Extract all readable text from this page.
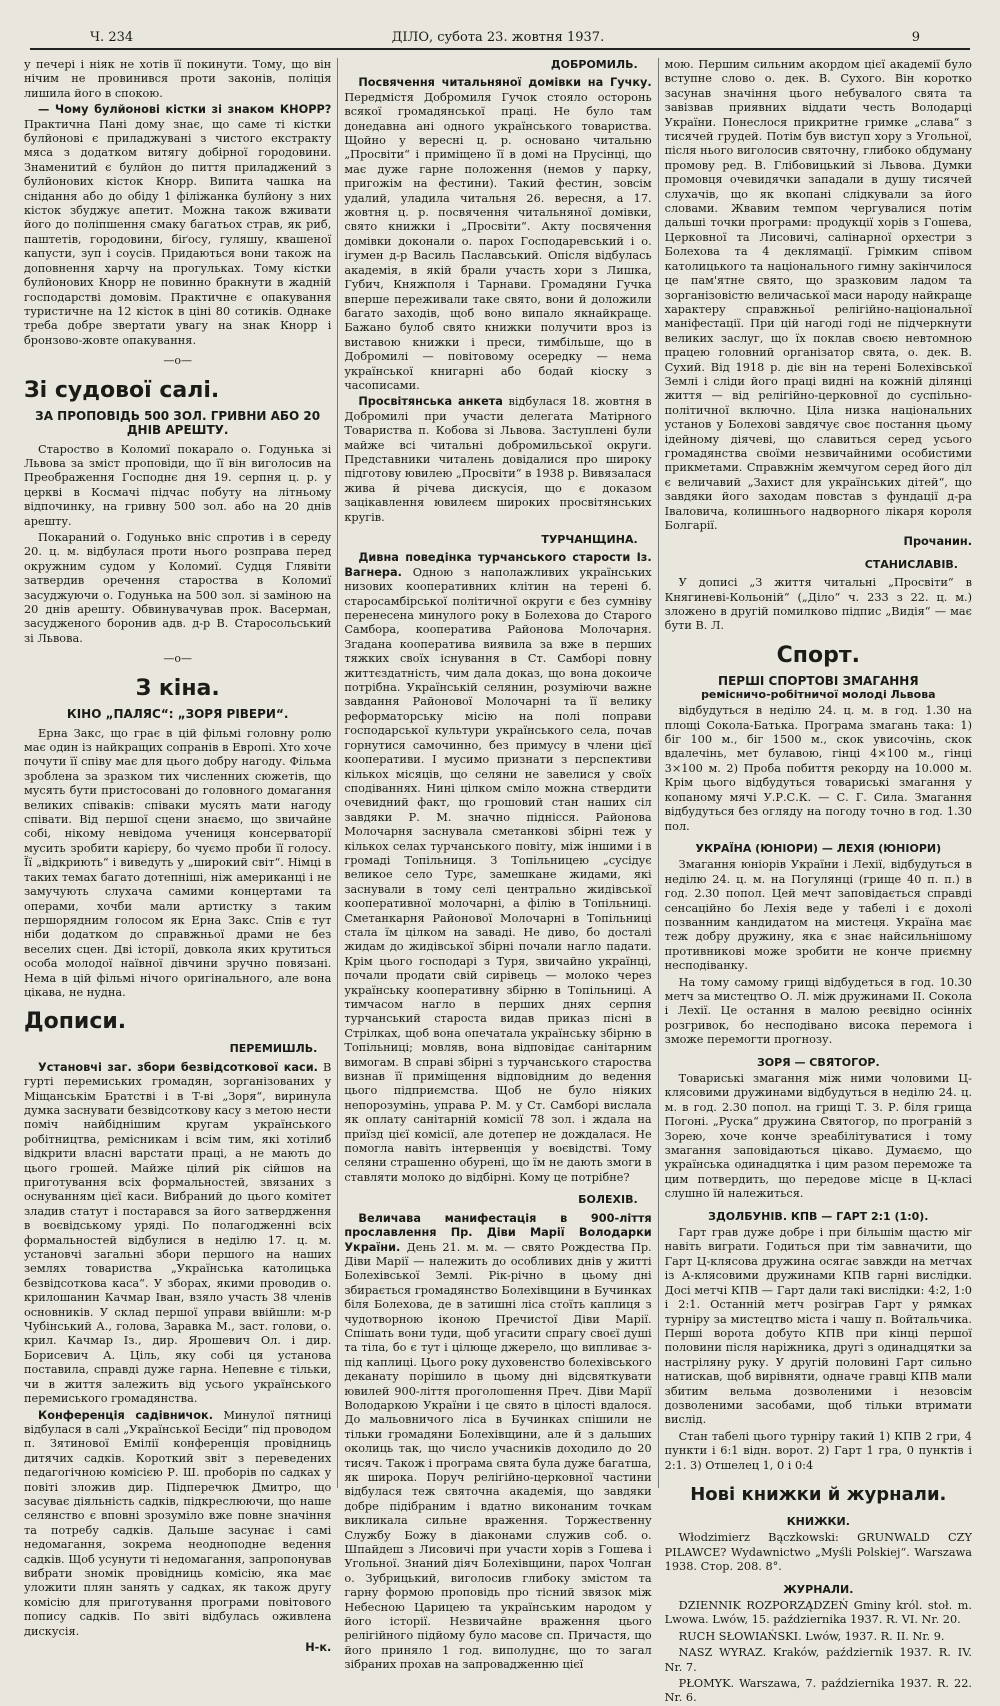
Ч. 234	ДІЛО, субота 23. жовтня 1937.	9

у печері і ніяк не хотів її покинути. Тому, що він нічим не провинився проти законів, поліція лишила його в спокою.

— Чому булйонові кістки зі знаком КНОРР? Практична Пані дому знає, що саме ті кістки булйонові є приладжувані з чистого екстракту мяса з додатком витягу добірної городовини. Знаменитий є булйон до пиття приладжений з булйонових кісток Кнорр. Випита чашка на снідання або до обіду 1 філіжанка булйону з них кісток збуджує апетит. Можна також вживати його до поліпшення смаку багатьох страв, як риб, паштетів, городовини, біґосу, гуляшу, квашеної капусти, зуп і соусів. Придаються вони також на доповнення харчу на прогульках. Тому кістки булйонових Кнорр не повинно бракнути в жадній господарстві домовім. Практичне є опакування туристичне на 12 кісток в ціні 80 сотиків. Однаке треба добре звертати увагу на знак Кнорр і бронзово-жовте опакування.

—о—
Зі судової салі.
ЗА ПРОПОВІДЬ 500 ЗОЛ. ГРИВНИ АБО 20 ДНІВ АРЕШТУ.

Староство в Коломиї покарало о. Годунька зі Львова за зміст проповіди, що її він виголосив на Преображення Господнє дня 19. серпня ц. р. у церкві в Космачі підчас побуту на літньому відпочинку, на гривну 500 зол. або на 20 днів арешту.

Покараний о. Годунько вніс спротив і в середу 20. ц. м. відбулася проти нього розправа перед окружним судом у Коломиї. Судця Глявіти затвердив оречення староства в Коломиї засуджуючи о. Годунька на 500 зол. зі заміною на 20 днів арешту. Обвинувачував прок. Васерман, засудженого боронив адв. д-р В. Старосольський зі Львова.

—о—
З кіна.
КІНО „ПАЛЯС“: „ЗОРЯ РІВЕРИ“.

Ерна Закс, що грає в цій фільмі головну ролю має один із найкращих сопранів в Европі. Хто хоче почути її співу має для цього добру нагоду. Фільма зроблена за зразком тих численних сюжетів, що мусять бути пристосовані до головного домагання великих співаків: співаки мусять мати нагоду співати. Від першої сцени знаємо, що звичайне собі, нікому невідома учениця консерваторії мусить зробити карієру, бо чуємо проби її голосу. Її „відкриють“ і виведуть у „широкий світ“. Німці в таких темах багато дотепніші, ніж американці і не замучують слухача самими концертами та операми, хочби мали артистку з таким першорядним голосом як Ерна Закс. Спів є тут ніби додатком до справжньої драми не без веселих сцен. Дві історії, довкола яких крутиться особа молодої наївної дівчини зручно повязані. Нема в цій фільмі нічого оригінального, але вона цікава, не нудна.

Дописи.
ПЕРЕМИШЛЬ.

Установчі заг. збори безвідсоткової каси. В гурті перемиських громадян, зорганізованих у Міщанськім Братстві і в Т-ві „Зоря“, виринула думка заснувати безвідсоткову касу з метою нести поміч найбіднішим кругам українського робітництва, ремісникам і всім тим, які хотілиб відкрити власні варстати праці, а не мають до цього грошей. Майже цілий рік сійшов на приготування всіх формальностей, звязаних з оснуванням цієї каси. Вибраний до цього комітет зладив статут і постарався за його затвердження в воєвідському уряді. По полагодженні всіх формальностей відбулися в неділю 17. ц. м. установчі загальні збори першого на наших землях товариства „Українська католицька безвідсоткова каса“. У зборах, якими проводив о. крилошанин Качмар Іван, взяло участь 38 членів основників. У склад першої управи ввійшли: м-р Чубінський А., голова, Заравка М., заст. голови, о. крил. Качмар Із., дир. Ярошевич Ол. і дир. Борисевич А. Ціль, яку собі ця установа поставила, справді дуже гарна. Непевне є тільки, чи в життя залежить від усього українського перемиського громадянства.

Конференція садівничок. Минулої пятниці відбулася в салі „Української Бесіди“ під проводом п. Зятинової Емілії конференція провідниць дитячих садків. Короткий звіт з переведених педагогічною комісією Р. Ш. проборів по садках у повіті зложив дир. Підперечюк Дмитро, що засуває діяльність садків, підкреслюючи, що наше селянство є вповні зрозуміло вже повне значіння та потребу садків. Дальше засунає і самі недомагання, зокрема неодноподне ведення садків. Щоб усунути ті недомагання, запропонував вибрати зномік провідниць комісію, яка має уложити плян занять у садках, як також другу комісію для приготування програми повітового попису садків. По звіті відбулась оживлена дискусія.

Н-к.
ДОБРОМИЛЬ.

Посвячення читальняної домівки на Гучку. Передмістя Добромиля Гучок стояло осторонь всякої громадянської праці. Не було там донедавна ані одного українського товариства. Щойно у вересні ц. р. основано читальню „Просвіти“ і приміщено її в домі на Прусінці, що має дуже гарне положення (немов у парку, пригожім на фестини). Такий фестин, зовсім удалий, уладила читальня 26. вересня, а 17. жовтня ц. р. посвячення читальняної домівки, свято книжки і „Просвіти“. Акту посвячення домівки доконали о. парох Господаревський і о. ігумен д-р Василь Паславський. Опісля відбулась академія, в якій брали участь хори з Лишка, Губич, Княжполя і Тарнави. Громадяни Гучка вперше переживали таке свято, вони й доложили багато заходів, щоб воно випало якнайкраще. Бажано булоб свято книжки получити вроз із виставою книжки і преси, тимбільше, що в Добромилі — повітовому осередку — нема української книгарні або бодай кіоску з часописами.

Просвітянська анкета відбулася 18. жовтня в Добромилі при участи делегата Матірного Товариства п. Кобова зі Львова. Заступлені були майже всі читальні добромильської округи. Представники читалень довідалися про широку підготову ювилею „Просвіти“ в 1938 р. Вивязалася жива й річева дискусія, що є доказом зацікавлення ювилеєм широких просвітянських кругів.

ТУРЧАНЩИНА.

Дивна поведінка турчанського старости Із. Вагнера. Одною з наполажливих українських низових кооперативних клітин на терені б. старосамбірської політичної округи є без сумніву перенесена минулого року в Болехова до Старого Самбора, кооператива Районова Молочарня. Згадана кооператива виявила за вже в перших тяжких своїх існування в Ст. Самборі повну життєздатність, чим дала доказ, що вона докоиче потрібна. Українській селянин, розуміючи важне завдання Районової Молочарні та її велику реформаторську місію на полі поправи господарської культури українського села, почав горнутися самочинно, без примусу в члени цієї кооперативи. І мусимо признати з перспективи кількох місяців, що селяни не завелися у своїх сподіваннях. Нині цілком сміло можна ствердити очевидний факт, що грошовий стан наших сіл завдяки Р. М. значно піднісся. Районова Молочарня заснувала сметанкові збірні теж у кількох селах турчанського повіту, між іншими і в громаді Топільниця. З Топільницею „сусідує великое село Турє, замешкане жидами, які заснували в тому селі центрально жидівської кооперативної молочарні, а філію в Топільниці. Сметанкарня Районової Молочарні в Топільниці стала їм цілком на заваді. Не диво, бо досталі жидам до жидівської збірні почали наглo падати. Крім цього господарі з Туря, звичайно українці, почали продати свій сирівець — молоко через українську кооперативну збірню в Топільниці. А тимчасом нагло в перших днях серпня турчанський староста видав приказ пісні в Стрілках, щоб вона опечатала українську збірню в Топільниці; мовляв, вона відповідає санітарним вимогам. В справі збірні з турчанського староства визнав її приміщення відповідним до ведення цього підприємства. Щоб не було ніяких непорозумінь, управа Р. М. у Ст. Самборі вислала як оплату санітарній комісії 78 зол. і ждала на приїзд цієї комісії, але дотепер не дождалася. Не помогла навіть інтервенція у воєвідстві. Тому селяни страшенно обурені, що їм не дають змоги в ставляти молоко до відбірні. Кому це потрібне?

БОЛЕХІВ.

Величава манифестація в 900-ліття прославлення Пр. Діви Марії Володарки України. День 21. м. м. — свято Рождества Пр. Діви Марії — належить до особливих днів у житті Болехівської Землі. Рік-річно в цьому дні збирається громадянство Болехівщини в Бучинках біля Болехова, де в затишні ліса стоїть каплиця з чудотворною іконою Пречистої Діви Марії. Спішать вони туди, щоб угасити спрагу своєї душі та тіла, бо є тут і цілюще джерело, що випливає з-під каплиці. Цього року духовенство болехівського деканату порішило в цьому дні відсвяткувати ювилей 900-ліття проголошення Преч. Діви Марії Володаркою України і це свято в цілості вдалося. До мальовничого ліса в Бучинках спішили не тільки громадяни Болехівщини, але й з дальших околиць так, що число учасників доходило до 20 тисяч. Також і програма свята була дуже багатша, як широка. Поруч релігійно-церковної частини відбулася теж святочна академія, що завдяки добре підібраним і вдатно виконаним точкам викликала сильне враження. Торжественну Службу Божу в діаконами служив соб. о. Шпайдеш з Лисовичі при участи хорів з Гошева і Угольної. Знаний діяч Болехівщини, парох Чолган о. Зубрицький, виголосив глибоку змістом та гарну формою проповідь про тісний звязок між Небесною Царицею та українським народом у його історії. Незвичайне враження цього релігійного підйому було масове сп. Причастя, що його приняло 1 год. виполуднє, що то загал зібраних прохав на запровадженню цієї

мою. Першим сильним акордом цієї академії було вступне слово о. дек. В. Сухого. Він коротко засунав значіння цього небувалого свята та завізвав приявних віддати честь Володарці України. Понеслося прикритне гримке „слава“ з тисячей грудей. Потім був виступ хору з Угольної, після нього виголосив святочну, глибоко обдуману промову ред. В. Глібовицький зі Львова. Думки промовця очевидячки западали в душу тисячей слухачів, що як вкопані слідкували за його словами. Жвавим темпом чергувалися потім дальші точки програми: продукції хорів з Гошева, Церковної та Лисовичі, салінарної орхестри з Болехова та 4 деклямації. Грімким співом католицького та національного гимну закінчилося це пам'ятне свято, що зразковим ладом та зорганізовістю величаської маси народу найкраще характеру справжньої релігійно-національної маніфестації. При цій нагоді годі не підчеркнути великих заслуг, що їх поклав своєю невтомною працею головний організатор свята, о. дек. В. Сухий. Від 1918 р. діє він на терені Болехівської Землі і сліди його праці видні на кожній ділянці життя — від релігійно-церковної до суспільно-політичної включно. Ціла низка національних установ у Болехові завдячує своє постання цьому ідейному діячеві, що славиться серед усього громадянства своїми незвичайними особистими прикметами. Справжнім жемчугом серед його діл є величавий „Захист для українських дітей“, що завдяки його заходам повстав з фундації д-ра Іваловича, колишнього надворного лікаря короля Болгарії.

Прочанин.
СТАНИСЛАВІВ.

У дописі „З життя читальні „Просвіти“ в Княгиневі-Кольоній“ („Діло“ ч. 233 з 22. ц. м.) зложено в другій помилково підпис „Видія“ — має бути В. Л.

Спорт.
ПЕРШІ СПОРТОВІ ЗМАГАННЯ
ремісничо-робітничої молоді Львова

відбудуться в неділю 24. ц. м. в год. 1.30 на площі Сокола-Батька. Програма змагань така: 1) біг 100 м., біг 1500 м., скок увисочінь, скок вдалечінь, мет булавою, гінці 4×100 м., гінці 3×100 м. 2) Проба побиття рекорду на 10.000 м. Крім цього відбудуться товариські змагання у копаному мячі У.Р.С.К. — С. Г. Сила. Змагання відбудуться без огляду на погоду точно в год. 1.30 пол.

УКРАЇНА (ЮНІОРИ) — ЛЕХІЯ (ЮНІОРИ)

Змагання юніорів України і Лехії, відбудуться в неділю 24. ц. м. на Погулянці (грище 40 п. п.) в год. 2.30 попол. Цей мечт заповідається справді сенсаційно бо Лехія веде у табелі і є дохолі позванним кандидатом на мистеця. Україна має теж добру дружину, яка є знає найсильнішому противникові може зробити не конче приємну несподіванку.

На тому самому грищі відбудеться в год. 10.30 метч за мистецтво О. Л. між дружинами II. Сокола і Лехії. Це остання в малою реєвідно осінніх розгривок, бо несподівано висока перемога і зможе перемогти прогнозу.

ЗОРЯ — СВЯТОГОР.

Товариські змагання між ними чоловими Ц-клясовими дружинами відбудуться в неділю 24. ц. м. в год. 2.30 попол. на грищі Т. З. Р. біля грища Погоні. „Руска“ дружина Святогор, по програній з Зорею, хоче конче зреабілітуватися і тому змагання заповідаються цікаво. Думаємо, що українська одинадцятка і цим разом переможе та цим потвердить, що передове місце в Ц-класі слушно їй належиться.

ЗДОЛБУНІВ. КПВ — ГАРТ 2:1 (1:0).

Гарт грав дуже добре і при більшім щастю міг навіть виграти. Годиться при тім завначити, що Гарт Ц-клясова дружина осягає завжди на метчах із А-клясовими дружинами КПВ гарні вислідки. Досі метчі КПВ — Гарт дали такі вислідки: 4:2, 1:0 і 2:1. Останній метч розіграв Гарт у рямках турніру за мистецтво міста і чашу п. Войтальчика. Перші ворота добуто КПВ при кінці першої половини після наріжника, другі з одинадцятки за настріляну руку. У другій половині Гарт сильно натискав, щоб вирівняти, одначе гравці КПВ мали збитим вельма дозволеними і незовсім дозволеними засобами, щоб тільки втримати вислід.

Стан табелі цього турніру такий 1) КПВ 2 гри, 4 пункти і 6:1 відн. ворот. 2) Гарт 1 гра, 0 пунктів і 2:1. 3) Отшелец 1, 0 і 0:4

Нові книжки й журнали.
КНИЖКИ.

Włodzimierz Bączkowski: GRUNWALD CZY PILAWCE? Wydawnictwo „Myśli Polskiej“. Warszawa 1938. Стор. 208. 8°.

ЖУРНАЛИ.

DZIENNIK ROZPORZĄDZEŃ Gminy król. stoł. m. Lwowa. Lwów, 15. października 1937. R. VI. Nr. 20.

RUCH SŁOWIAŃSKI. Lwów, 1937. R. II. Nr. 9.

NASZ WYRAZ. Kraków, październik 1937. R. IV. Nr. 7.

PŁOMYK. Warszawa, 7. października 1937. R. 22. Nr. 6.
